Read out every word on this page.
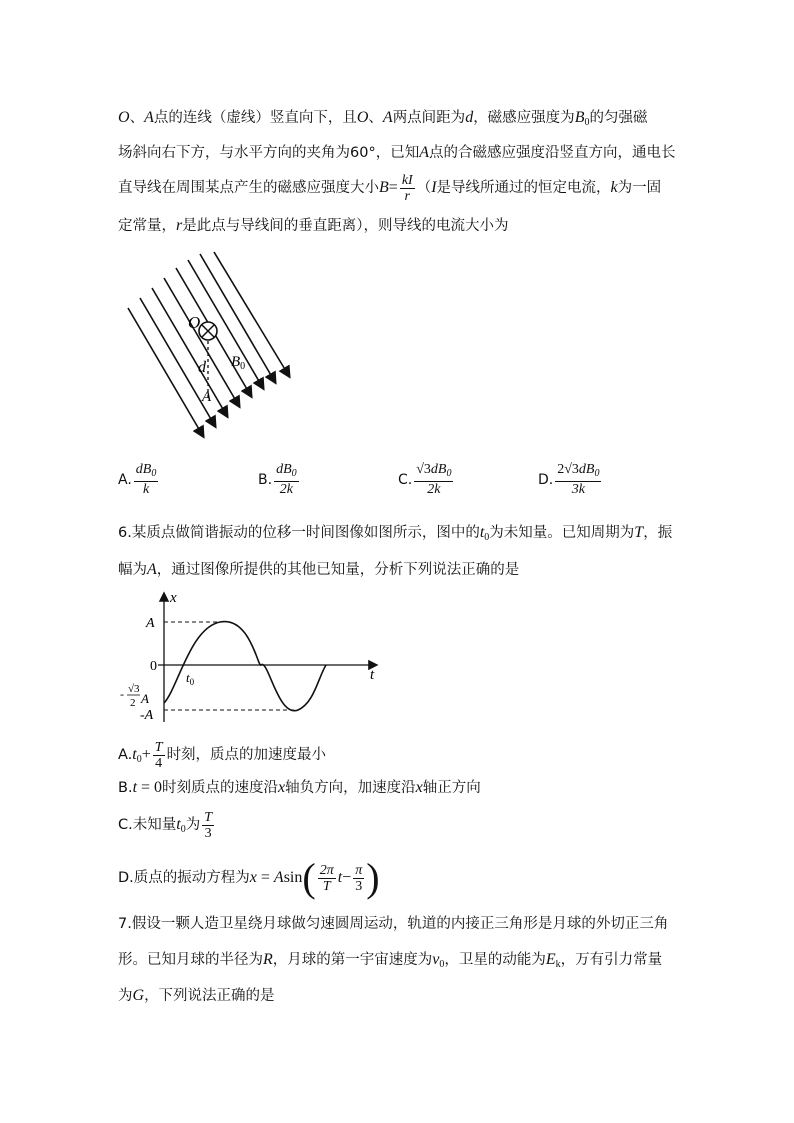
O、A点的连线（虚线）竖直向下，且O、A两点间距为d，磁感应强度为$B_0$的匀强磁
场斜向右下方，与水平方向的夹角为60°，已知A点的合磁感应强度沿竖直方向，通电长
直导线在周围某点产生的磁感应强度大小$B= \frac{kI}{r} (I$是导线所通过的恒定电流，k为一固
定常量，r是此点与导线间的垂直距离），则导线的电流大小为
O
d $B_0$
A
A. $\frac{dB_0}{k}$	B. $\frac{dB_0}{2k}$	C. $\frac{√3dB_0}{2k}$	D. $\frac{2√3dB_0}{3k}$
6.某质点做简谐振动的位移一时间图像如图所示，图中的$t_0$为未知量。已知周期为T，振
幅为A，通过图像所提供的其他已知量，分析下列说法正确的是
x
t
A
0
-A
- √3
2 A
$t_0$
$A.t_0+ \frac{T}{4}$ 时刻，质点的加速度最小
B.t = 0时刻质点的速度沿x轴负方向，加速度沿x轴正方向
C.未知量$t_0$为 $\frac{T}{3}$
D.质点的振动方程为$x = Asin( \frac{2\pi}{T} t- \frac{\pi}{3}$ )
7.假设一颗人造卫星绕月球做匀速圆周运动，轨道的内接正三角形是月球的外切正三角
形。已知月球的半径为R，月球的第一宇宙速度为$v_0$，卫星的动能为$E_k$，万有引力常量
为G，下列说法正确的是
